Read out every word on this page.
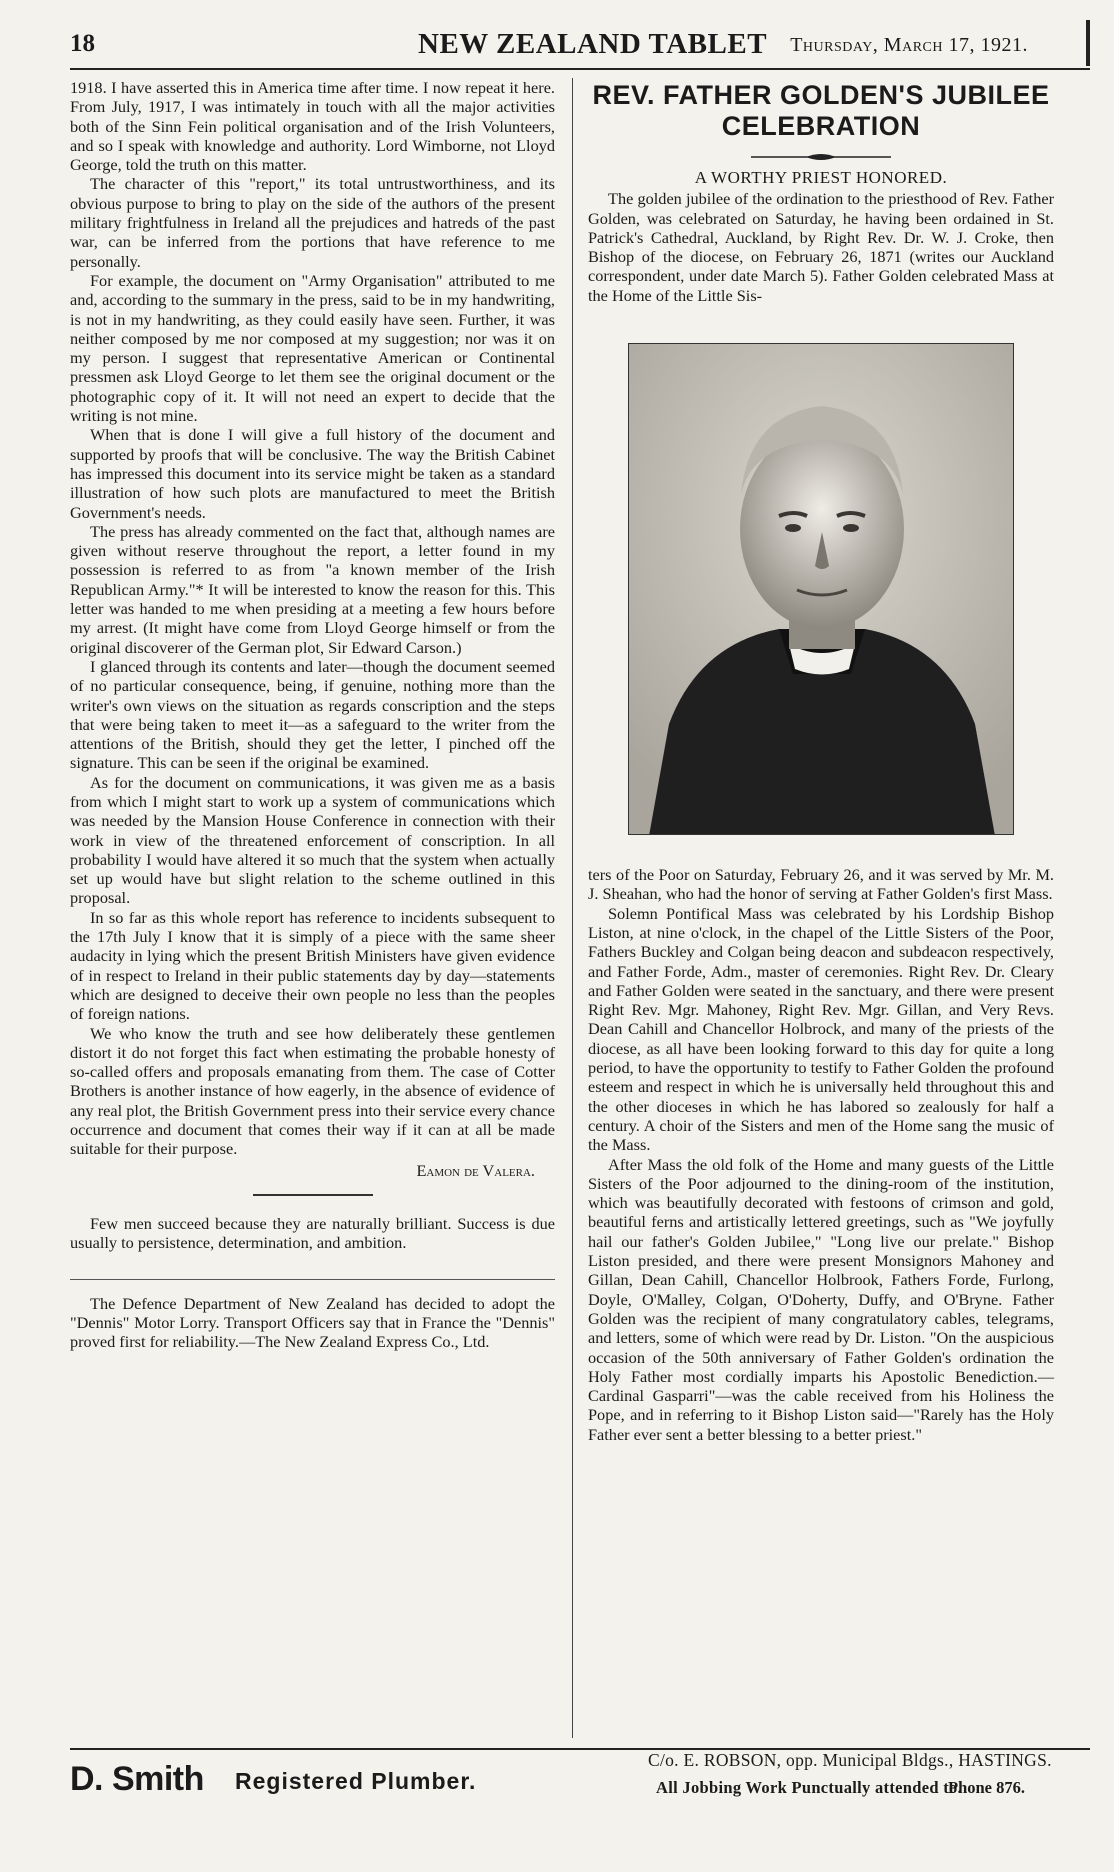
18	NEW ZEALAND TABLET Thursday, March 17, 1921.

1918. I have asserted this in America time after time. I now repeat it here. From July, 1917, I was intimately in touch with all the major activities both of the Sinn Fein political organisation and of the Irish Volunteers, and so I speak with knowledge and authority. Lord Wimborne, not Lloyd George, told the truth on this matter.

The character of this "report," its total untrustworthiness, and its obvious purpose to bring to play on the side of the authors of the present military frightfulness in Ireland all the prejudices and hatreds of the past war, can be inferred from the portions that have reference to me personally.

For example, the document on "Army Organisation" attributed to me and, according to the summary in the press, said to be in my handwriting, is not in my handwriting, as they could easily have seen. Further, it was neither composed by me nor composed at my suggestion; nor was it on my person. I suggest that representative American or Continental pressmen ask Lloyd George to let them see the original document or the photographic copy of it. It will not need an expert to decide that the writing is not mine.

When that is done I will give a full history of the document and supported by proofs that will be conclusive. The way the British Cabinet has impressed this document into its service might be taken as a standard illustration of how such plots are manufactured to meet the British Government's needs.

The press has already commented on the fact that, although names are given without reserve throughout the report, a letter found in my possession is referred to as from "a known member of the Irish Republican Army."* It will be interested to know the reason for this. This letter was handed to me when presiding at a meeting a few hours before my arrest. (It might have come from Lloyd George himself or from the original discoverer of the German plot, Sir Edward Carson.)

I glanced through its contents and later—though the document seemed of no particular consequence, being, if genuine, nothing more than the writer's own views on the situation as regards conscription and the steps that were being taken to meet it—as a safeguard to the writer from the attentions of the British, should they get the letter, I pinched off the signature. This can be seen if the original be examined.

As for the document on communications, it was given me as a basis from which I might start to work up a system of communications which was needed by the Mansion House Conference in connection with their work in view of the threatened enforcement of conscription. In all probability I would have altered it so much that the system when actually set up would have but slight relation to the scheme outlined in this proposal.

In so far as this whole report has reference to incidents subsequent to the 17th July I know that it is simply of a piece with the same sheer audacity in lying which the present British Ministers have given evidence of in respect to Ireland in their public statements day by day—statements which are designed to deceive their own people no less than the peoples of foreign nations.

We who know the truth and see how deliberately these gentlemen distort it do not forget this fact when estimating the probable honesty of so-called offers and proposals emanating from them. The case of Cotter Brothers is another instance of how eagerly, in the absence of evidence of any real plot, the British Government press into their service every chance occurrence and document that comes their way if it can at all be made suitable for their purpose.

Eamon de Valera.

Few men succeed because they are naturally brilliant. Success is due usually to persistence, determination, and ambition.

The Defence Department of New Zealand has decided to adopt the "Dennis" Motor Lorry. Transport Officers say that in France the "Dennis" proved first for reliability.—The New Zealand Express Co., Ltd.

REV. FATHER GOLDEN'S JUBILEE CELEBRATION
A WORTHY PRIEST HONORED.

The golden jubilee of the ordination to the priesthood of Rev. Father Golden, was celebrated on Saturday, he having been ordained in St. Patrick's Cathedral, Auckland, by Right Rev. Dr. W. J. Croke, then Bishop of the diocese, on February 26, 1871 (writes our Auckland correspondent, under date March 5). Father Golden celebrated Mass at the Home of the Little Sis-

ters of the Poor on Saturday, February 26, and it was served by Mr. M. J. Sheahan, who had the honor of serving at Father Golden's first Mass.

Solemn Pontifical Mass was celebrated by his Lordship Bishop Liston, at nine o'clock, in the chapel of the Little Sisters of the Poor, Fathers Buckley and Colgan being deacon and subdeacon respectively, and Father Forde, Adm., master of ceremonies. Right Rev. Dr. Cleary and Father Golden were seated in the sanctuary, and there were present Right Rev. Mgr. Mahoney, Right Rev. Mgr. Gillan, and Very Revs. Dean Cahill and Chancellor Holbrock, and many of the priests of the diocese, as all have been looking forward to this day for quite a long period, to have the opportunity to testify to Father Golden the profound esteem and respect in which he is universally held throughout this and the other dioceses in which he has labored so zealously for half a century. A choir of the Sisters and men of the Home sang the music of the Mass.

After Mass the old folk of the Home and many guests of the Little Sisters of the Poor adjourned to the dining-room of the institution, which was beautifully decorated with festoons of crimson and gold, beautiful ferns and artistically lettered greetings, such as "We joyfully hail our father's Golden Jubilee," "Long live our prelate." Bishop Liston presided, and there were present Monsignors Mahoney and Gillan, Dean Cahill, Chancellor Holbrook, Fathers Forde, Furlong, Doyle, O'Malley, Colgan, O'Doherty, Duffy, and O'Bryne. Father Golden was the recipient of many congratulatory cables, telegrams, and letters, some of which were read by Dr. Liston. "On the auspicious occasion of the 50th anniversary of Father Golden's ordination the Holy Father most cordially imparts his Apostolic Benediction.—Cardinal Gasparri"—was the cable received from his Holiness the Pope, and in referring to it Bishop Liston said—"Rarely has the Holy Father ever sent a better blessing to a better priest."

D. Smith Registered Plumber.
C/o. E. ROBSON, opp. Municipal Bldgs., HASTINGS.
All Jobbing Work Punctually attended to.
Phone 876.
